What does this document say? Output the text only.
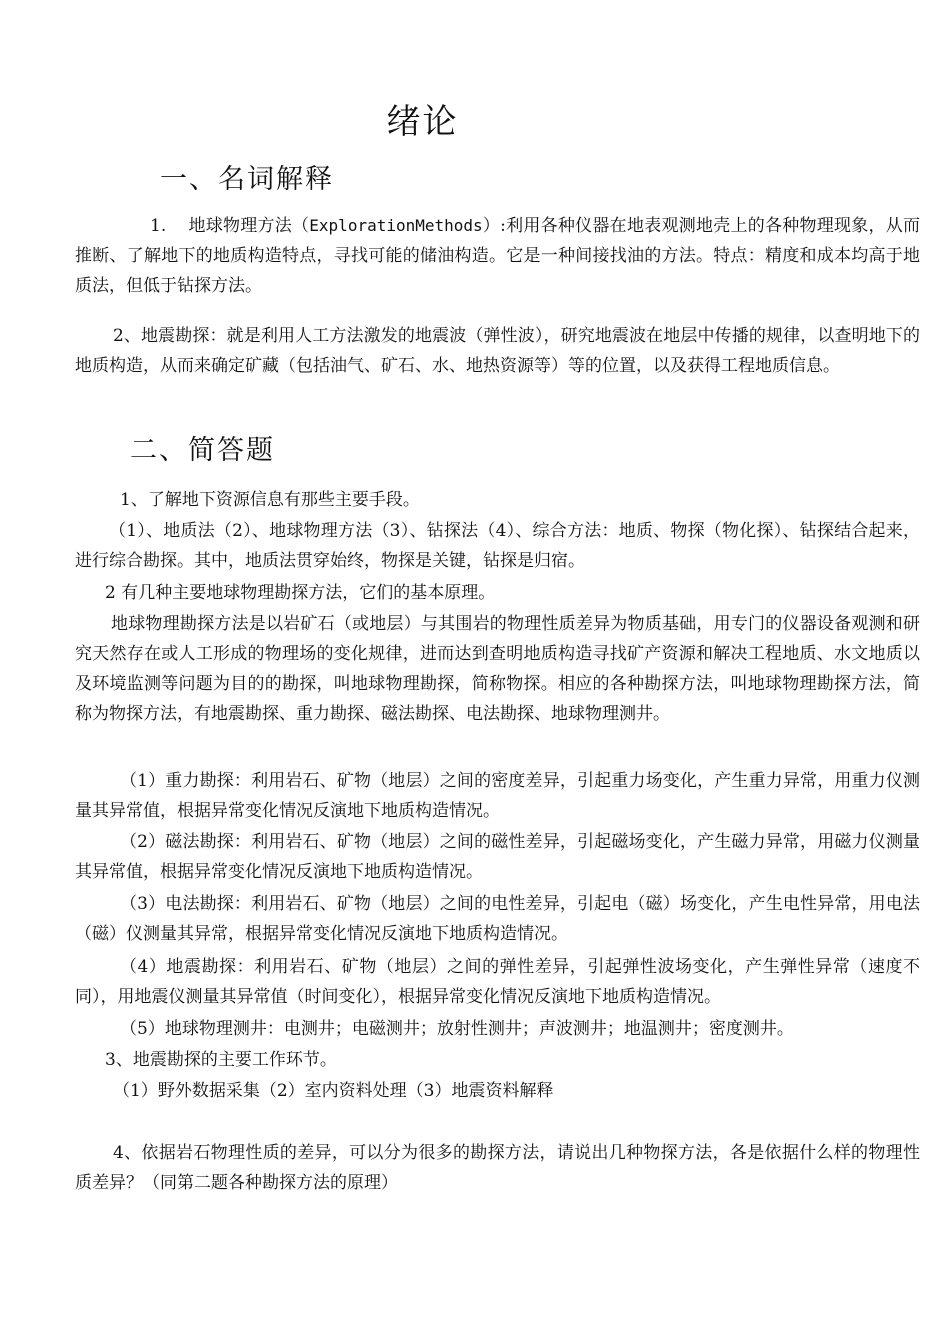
绪论
一、名词解释
1. 地球物理方法（ExplorationMethods）:利用各种仪器在地表观测地壳上的各种物理现象，从而推断、了解地下的地质构造特点，寻找可能的储油构造。它是一种间接找油的方法。特点：精度和成本均高于地质法，但低于钻探方法。
2、地震勘探：就是利用人工方法激发的地震波（弹性波），研究地震波在地层中传播的规律，以查明地下的地质构造，从而来确定矿藏（包括油气、矿石、水、地热资源等）等的位置，以及获得工程地质信息。
二、简答题
1、了解地下资源信息有那些主要手段。
（1）、地质法（2）、地球物理方法（3）、钻探法（4）、综合方法：地质、物探（物化探）、钻探结合起来，进行综合勘探。其中，地质法贯穿始终，物探是关键，钻探是归宿。
2 有几种主要地球物理勘探方法，它们的基本原理。
地球物理勘探方法是以岩矿石（或地层）与其围岩的物理性质差异为物质基础，用专门的仪器设备观测和研究天然存在或人工形成的物理场的变化规律，进而达到查明地质构造寻找矿产资源和解决工程地质、水文地质以及环境监测等问题为目的的勘探，叫地球物理勘探，简称物探。相应的各种勘探方法，叫地球物理勘探方法，简称为物探方法，有地震勘探、重力勘探、磁法勘探、电法勘探、地球物理测井。
（1）重力勘探：利用岩石、矿物（地层）之间的密度差异，引起重力场变化，产生重力异常，用重力仪测量其异常值，根据异常变化情况反演地下地质构造情况。
（2）磁法勘探：利用岩石、矿物（地层）之间的磁性差异，引起磁场变化，产生磁力异常，用磁力仪测量其异常值，根据异常变化情况反演地下地质构造情况。
（3）电法勘探：利用岩石、矿物（地层）之间的电性差异，引起电（磁）场变化，产生电性异常，用电法（磁）仪测量其异常，根据异常变化情况反演地下地质构造情况。
（4）地震勘探：利用岩石、矿物（地层）之间的弹性差异，引起弹性波场变化，产生弹性异常（速度不同），用地震仪测量其异常值（时间变化），根据异常变化情况反演地下地质构造情况。
（5）地球物理测井：电测井；电磁测井；放射性测井；声波测井；地温测井；密度测井。
3、地震勘探的主要工作环节。
（1）野外数据采集（2）室内资料处理（3）地震资料解释
4、依据岩石物理性质的差异，可以分为很多的勘探方法，请说出几种物探方法，各是依据什么样的物理性质差异？（同第二题各种勘探方法的原理）
